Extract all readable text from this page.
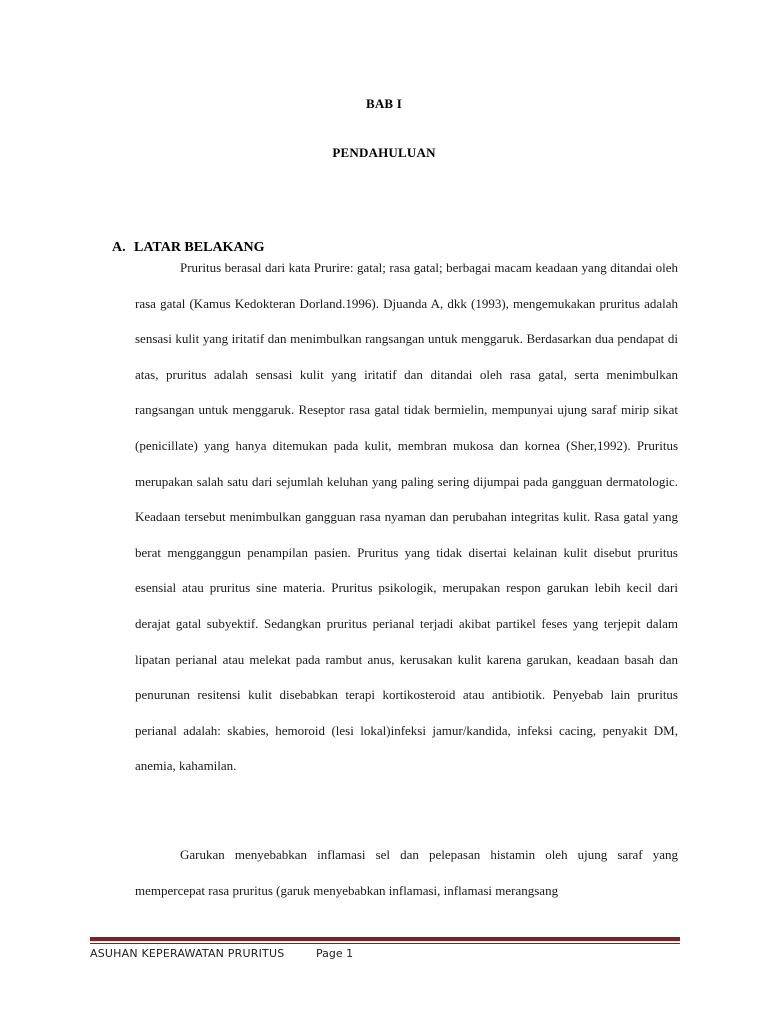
BAB I
PENDAHULUAN
A. LATAR BELAKANG

Pruritus berasal dari kata Prurire: gatal; rasa gatal; berbagai macam keadaan yang ditandai oleh rasa gatal (Kamus Kedokteran Dorland.1996). Djuanda A, dkk (1993), mengemukakan pruritus adalah sensasi kulit yang iritatif dan menimbulkan rangsangan untuk menggaruk. Berdasarkan dua pendapat di atas, pruritus adalah sensasi kulit yang iritatif dan ditandai oleh rasa gatal, serta menimbulkan rangsangan untuk menggaruk. Reseptor rasa gatal tidak bermielin, mempunyai ujung saraf mirip sikat (penicillate) yang hanya ditemukan pada kulit, membran mukosa dan kornea (Sher,1992). Pruritus merupakan salah satu dari sejumlah keluhan yang paling sering dijumpai pada gangguan dermatologic. Keadaan tersebut menimbulkan gangguan rasa nyaman dan perubahan integritas kulit. Rasa gatal yang berat mengganggun penampilan pasien. Pruritus yang tidak disertai kelainan kulit disebut pruritus esensial atau pruritus sine materia. Pruritus psikologik, merupakan respon garukan lebih kecil dari derajat gatal subyektif. Sedangkan pruritus perianal terjadi akibat partikel feses yang terjepit dalam lipatan perianal atau melekat pada rambut anus, kerusakan kulit karena garukan, keadaan basah dan penurunan resitensi kulit disebabkan terapi kortikosteroid atau antibiotik. Penyebab lain pruritus perianal adalah: skabies, hemoroid (lesi lokal)infeksi jamur/kandida, infeksi cacing, penyakit DM, anemia, kahamilan.

Garukan menyebabkan inflamasi sel dan pelepasan histamin oleh ujung saraf yang mempercepat rasa pruritus (garuk menyebabkan inflamasi, inflamasi merangsang

ASUHAN KEPERAWATAN PRURITUS	Page 1
